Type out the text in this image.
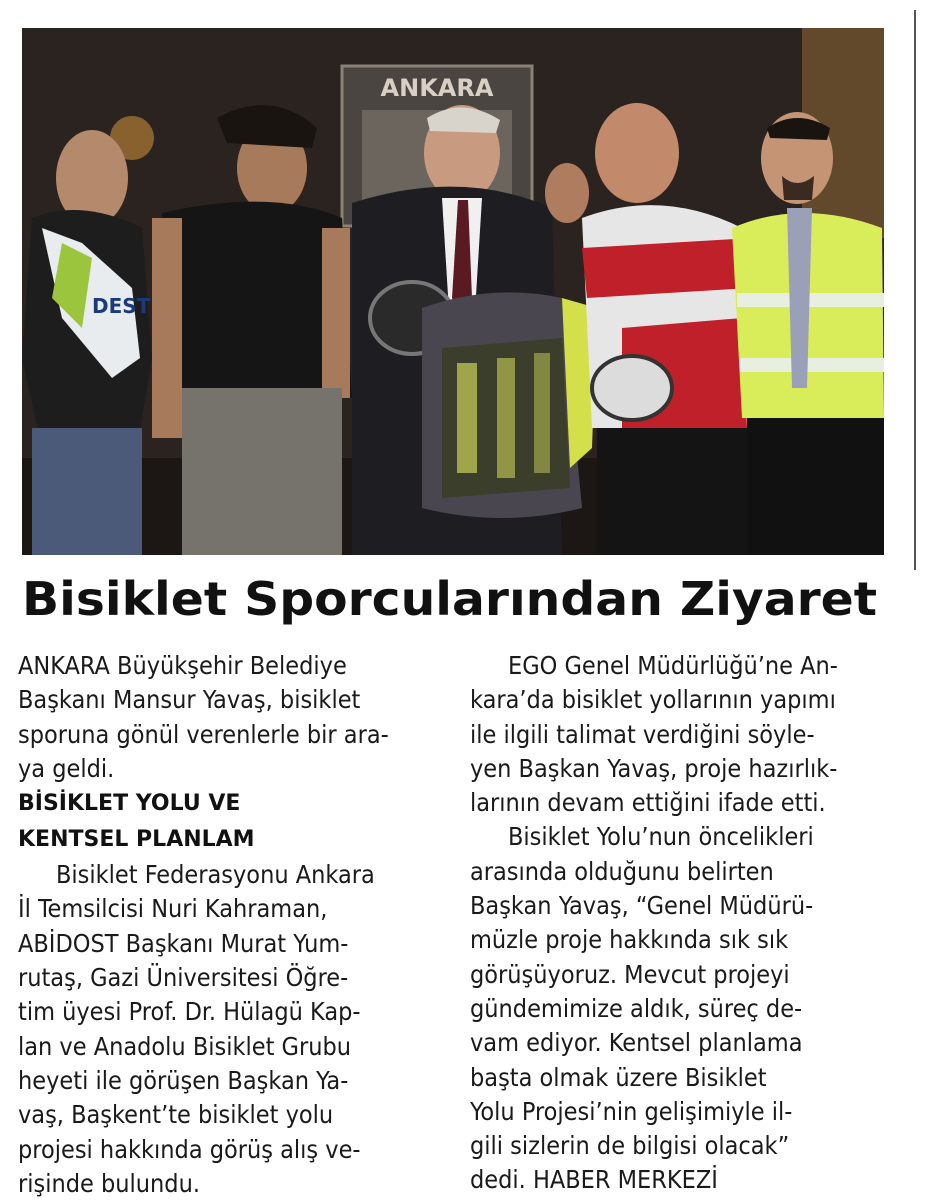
ANKARA
DEST
Bisiklet Sporcularından Ziyaret
ANKARA Büyükşehir Belediye
Başkanı Mansur Yavaş, bisiklet
sporuna gönül verenlerle bir ara-
ya geldi.
BİSİKLET YOLU VE
KENTSEL PLANLAM
Bisiklet Federasyonu Ankara
İl Temsilcisi Nuri Kahraman,
ABİDOST Başkanı Murat Yum-
rutaş, Gazi Üniversitesi Öğre-
tim üyesi Prof. Dr. Hülagü Kap-
lan ve Anadolu Bisiklet Grubu
heyeti ile görüşen Başkan Ya-
vaş, Başkent’te bisiklet yolu
projesi hakkında görüş alış ve-
rişinde bulundu.
EGO Genel Müdürlüğü’ne An-
kara’da bisiklet yollarının yapımı
ile ilgili talimat verdiğini söyle-
yen Başkan Yavaş, proje hazırlık-
larının devam ettiğini ifade etti.
Bisiklet Yolu’nun öncelikleri
arasında olduğunu belirten
Başkan Yavaş, “Genel Müdürü-
müzle proje hakkında sık sık
görüşüyoruz. Mevcut projeyi
gündemimize aldık, süreç de-
vam ediyor. Kentsel planlama
başta olmak üzere Bisiklet
Yolu Projesi’nin gelişimiyle il-
gili sizlerin de bilgisi olacak”
dedi. HABER MERKEZİ
